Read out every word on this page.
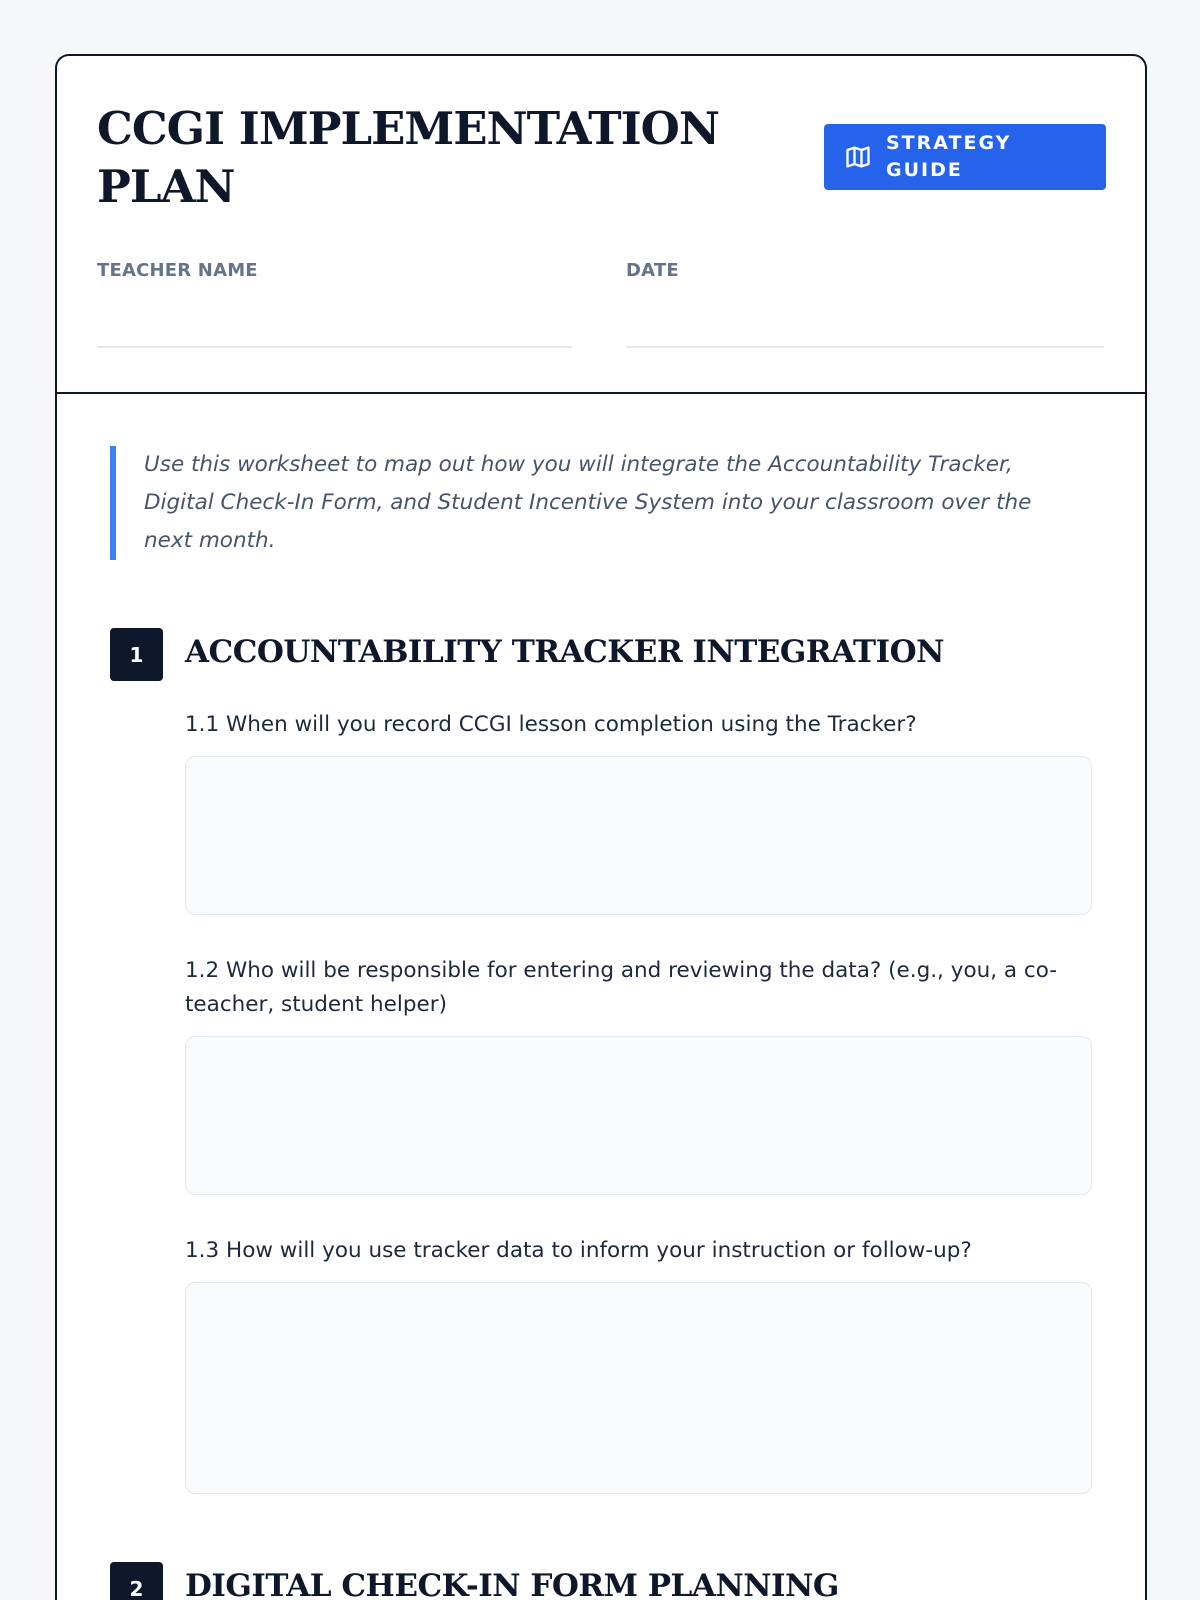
CCGI IMPLEMENTATION PLAN
STRATEGY GUIDE
TEACHER NAME	DATE

Use this worksheet to map out how you will integrate the Accountability Tracker, Digital Check-In Form, and Student Incentive System into your classroom over the next month.

1	ACCOUNTABILITY TRACKER INTEGRATION
1.1 When will you record CCGI lesson completion using the Tracker?
1.2 Who will be responsible for entering and reviewing the data? (e.g., you, a co-teacher, student helper)
1.3 How will you use tracker data to inform your instruction or follow-up?
2	DIGITAL CHECK-IN FORM PLANNING
